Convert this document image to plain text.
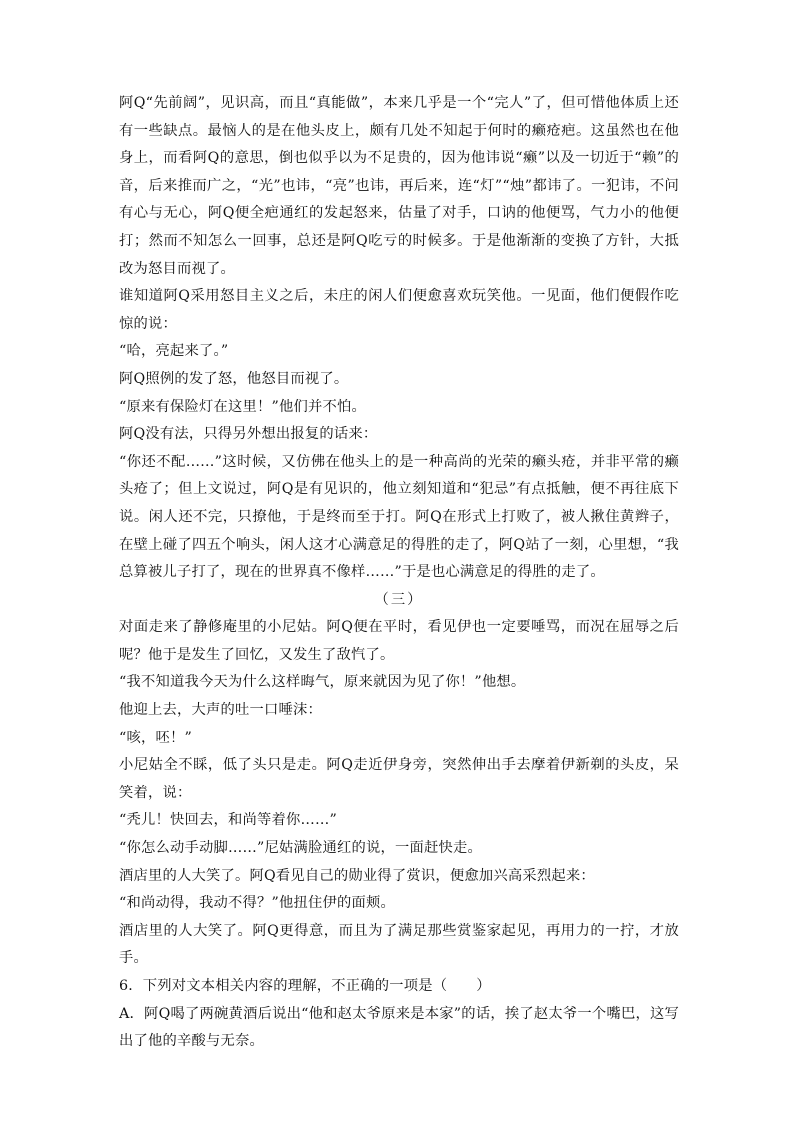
阿Q“先前阔”，见识高，而且“真能做”，本来几乎是一个“完人”了，但可惜他体质上还有一些缺点。最恼人的是在他头皮上，颇有几处不知起于何时的癞疮疤。这虽然也在他身上，而看阿Q的意思，倒也似乎以为不足贵的，因为他讳说“癞”以及一切近于“赖”的音，后来推而广之，“光”也讳，“亮”也讳，再后来，连“灯”“烛”都讳了。一犯讳，不问有心与无心，阿Q便全疤通红的发起怒来，估量了对手，口讷的他便骂，气力小的他便打；然而不知怎么一回事，总还是阿Q吃亏的时候多。于是他渐渐的变换了方针，大抵改为怒目而视了。

谁知道阿Q采用怒目主义之后，未庄的闲人们便愈喜欢玩笑他。一见面，他们便假作吃惊的说：

“哈，亮起来了。”

阿Q照例的发了怒，他怒目而视了。

“原来有保险灯在这里！”他们并不怕。

阿Q没有法，只得另外想出报复的话来：

“你还不配……”这时候，又仿佛在他头上的是一种高尚的光荣的癞头疮，并非平常的癞头疮了；但上文说过，阿Q是有见识的，他立刻知道和“犯忌”有点抵触，便不再往底下说。闲人还不完，只撩他，于是终而至于打。阿Q在形式上打败了，被人揪住黄辫子，在壁上碰了四五个响头，闲人这才心满意足的得胜的走了，阿Q站了一刻，心里想，“我总算被儿子打了，现在的世界真不像样……”于是也心满意足的得胜的走了。

（三）

对面走来了静修庵里的小尼姑。阿Q便在平时，看见伊也一定要唾骂，而况在屈辱之后呢？他于是发生了回忆，又发生了敌忾了。

“我不知道我今天为什么这样晦气，原来就因为见了你！”他想。

他迎上去，大声的吐一口唾沫：

“咳，呸！”

小尼姑全不睬，低了头只是走。阿Q走近伊身旁，突然伸出手去摩着伊新剃的头皮，呆笑着，说：

“秃儿！快回去，和尚等着你……”

“你怎么动手动脚……”尼姑满脸通红的说，一面赶快走。

酒店里的人大笑了。阿Q看见自己的勋业得了赏识，便愈加兴高采烈起来：

“和尚动得，我动不得？”他扭住伊的面颊。

酒店里的人大笑了。阿Q更得意，而且为了满足那些赏鉴家起见，再用力的一拧，才放手。

6．下列对文本相关内容的理解，不正确的一项是（　　）

A．阿Q喝了两碗黄酒后说出“他和赵太爷原来是本家”的话，挨了赵太爷一个嘴巴，这写出了他的辛酸与无奈。
